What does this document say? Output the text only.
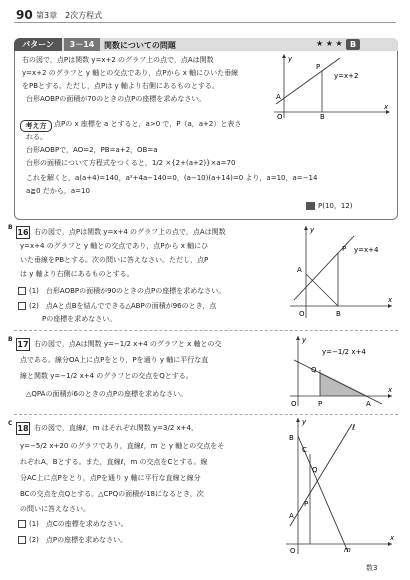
90 第3章　2次方程式
パターン	3－14	関数についての問題	★ ★ ★ B
右の図で，点Pは関数 y=x+2 のグラフ上の点で，点Aは関数
y=x+2 のグラフと y 軸との交点であり，点Pから x 軸にひいた垂線
をPBとする。ただし，点Pは y 軸より右側にあるものとする。
台形AOBPの面積が70のときの点Pの座標を求めなさい。
y
x
O
A
B
P
y=x+2
考え方	点Pの x 座標を a とすると，a>0 で，P（a，a+2）と表さ
れる。
台形AOBPで，AO=2，PB=a+2，OB=a
台形の面積について方程式をつくると，1/2 ×{2+(a+2)}×a=70
これを解くと，a(a+4)=140，a²+4a−140=0，(a−10)(a+14)=0 より，a=10，a=−14
a≧0 だから，a=10
P(10，12)
B
16 右の図で，点Pは関数 y=x+4 のグラフ上の点で，点Aは関数
y=x+4 のグラフと y 軸との交点であり，点Pから x 軸にひ
いた垂線をPBとする。次の問いに答えなさい。ただし，点P
は y 軸より右側にあるものとする。
(1)　台形AOBPの面積が90のときの点Pの座標を求めなさい。
(2)　点Aと点Bを結んでできる△ABPの面積が96のとき，点
Pの座標を求めなさい。
y
x
O
A
B
P y=x+4
B
17 右の図で，点Aは関数 y=−1/2 x+4 のグラフと x 軸との交
点である。線分OA上に点Pをとり，Pを通り y 軸に平行な直
線と関数 y=−1/2 x+4 のグラフとの交点をQとする。
△QPAの面積が6のときの点Pの座標を求めなさい。
y
x
O
Q
P	A
y=−1/2 x+4
C
18 右の図で，直線ℓ，m はそれぞれ関数 y=3/2 x+4，
y=−5/2 x+20 のグラフであり，直線ℓ，m と y 軸との交点をそ
れぞれA，Bとする。また，直線ℓ，m の交点をCとする。線
分AC上に点Pをとり，点Pを通り y 軸に平行な直線と線分
BCの交点を点Qとする。△CPQの面積が18になるとき，次
の問いに答えなさい。
(1)　点Cの座標を求めなさい。
(2)　点Pの座標を求めなさい。
y
x
O
B
A
C
P
Q
ℓ
m
数3
